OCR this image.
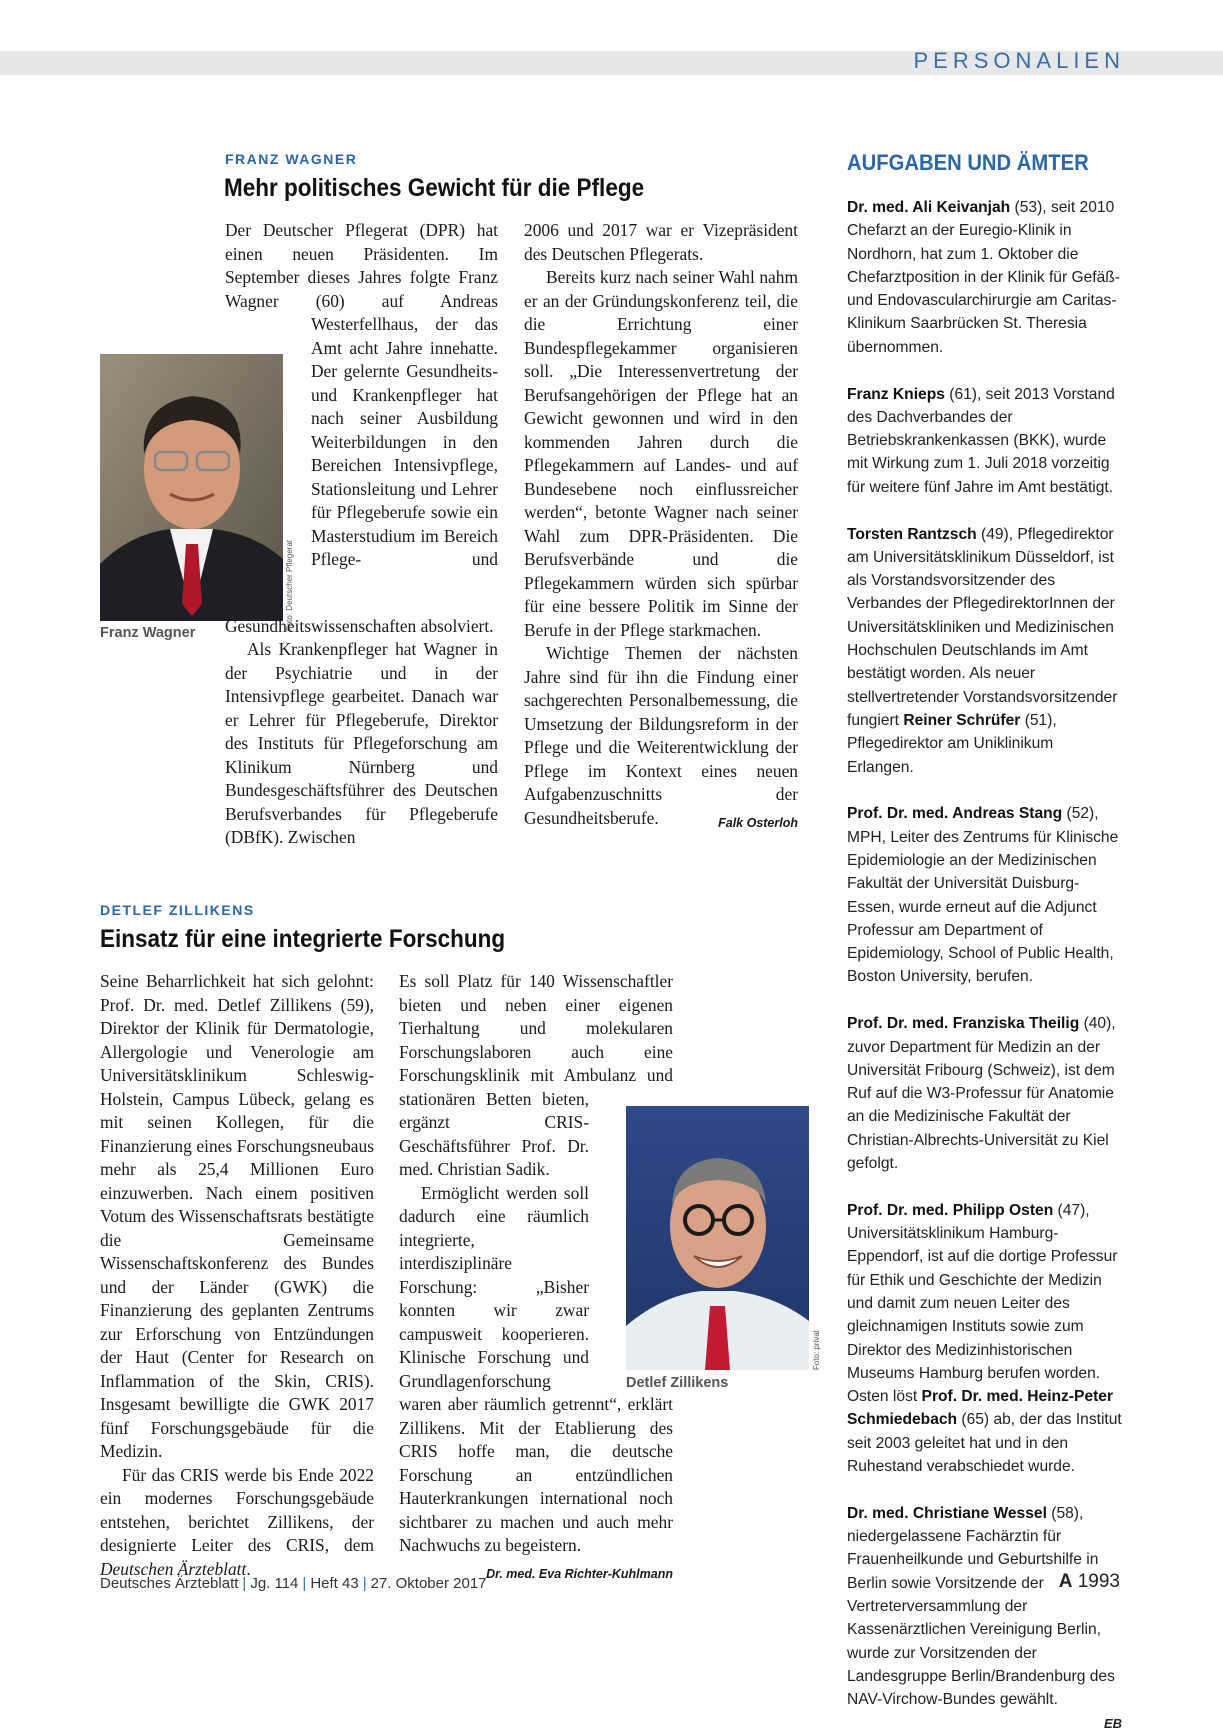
PERSONALIEN
FRANZ WAGNER
Mehr politisches Gewicht für die Pflege
Foto: Deutscher Pflegerat
Franz Wagner

Der Deutscher Pflegerat (DPR) hat einen neuen Präsidenten. Im September dieses Jahres folgte Franz Wagner (60) auf Andreas Westerfellhaus, der das Amt acht Jahre innehatte. Der gelernte Gesundheits- und Krankenpfleger hat nach seiner Ausbildung Weiterbildungen in den Bereichen Intensivpflege, Stationsleitung und Lehrer für Pflegeberufe sowie ein Masterstudium im Bereich Pflege- und Gesundheitswissenschaften absolviert.

Als Krankenpfleger hat Wagner in der Psychiatrie und in der Intensivpflege gearbeitet. Danach war er Lehrer für Pflegeberufe, Direktor des Instituts für Pflegeforschung am Klinikum Nürnberg und Bundesgeschäftsführer des Deutschen Berufsverbandes für Pflegeberufe (DBfK). Zwischen

2006 und 2017 war er Vizepräsident des Deutschen Pflegerats.

Bereits kurz nach seiner Wahl nahm er an der Gründungskonferenz teil, die die Errichtung einer Bundespflegekammer organisieren soll. „Die Interessenvertretung der Berufsangehörigen der Pflege hat an Gewicht gewonnen und wird in den kommenden Jahren durch die Pflegekammern auf Landes- und auf Bundesebene noch einflussreicher werden“, betonte Wagner nach seiner Wahl zum DPR-Präsidenten. Die Berufsverbände und die Pflegekammern würden sich spürbar für eine bessere Politik im Sinne der Berufe in der Pflege starkmachen.

Wichtige Themen der nächsten Jahre sind für ihn die Findung einer sachgerechten Personalbemessung, die Umsetzung der Bildungsreform in der Pflege und die Weiterentwicklung der Pflege im Kontext eines neuen Aufgabenzuschnitts der Gesundheitsberufe.	Falk Osterloh

DETLEF ZILLIKENS
Einsatz für eine integrierte Forschung

Seine Beharrlichkeit hat sich gelohnt: Prof. Dr. med. Detlef Zillikens (59), Direktor der Klinik für Dermatologie, Allergologie und Venerologie am Universitätsklinikum Schleswig-Holstein, Campus Lübeck, gelang es mit seinen Kollegen, für die Finanzierung eines Forschungsneubaus mehr als 25,4 Millionen Euro einzuwerben. Nach einem positiven Votum des Wissenschaftsrats bestätigte die Gemeinsame Wissenschaftskonferenz des Bundes und der Länder (GWK) die Finanzierung des geplanten Zentrums zur Erforschung von Entzündungen der Haut (Center for Research on Inflammation of the Skin, CRIS). Insgesamt bewilligte die GWK 2017 fünf Forschungsgebäude für die Medizin.

Für das CRIS werde bis Ende 2022 ein modernes Forschungsgebäude entstehen, berichtet Zillikens, der designierte Leiter des CRIS, dem Deutschen Ärzteblatt.

Foto: privat

Es soll Platz für 140 Wissenschaftler bieten und neben einer eigenen Tierhaltung und molekularen Forschungslaboren auch eine Forschungsklinik mit Ambulanz und stationären Betten bieten, ergänzt CRIS-Geschäftsführer Prof. Dr. med. Christian Sadik.

Ermöglicht werden soll dadurch eine räumlich integrierte, interdisziplinäre Forschung: „Bisher konnten wir zwar campusweit kooperieren. Klinische Forschung und Grundlagenforschung waren aber räumlich getrennt“, erklärt Zillikens. Mit der Etablierung des CRIS hoffe man, die deutsche Forschung an entzündlichen Hauterkrankungen international noch sichtbarer zu machen und auch mehr Nachwuchs zu begeistern.
Dr. med. Eva Richter-Kuhlmann

Detlef Zillikens
AUFGABEN UND ÄMTER

Dr. med. Ali Keivanjah (53), seit 2010 Chefarzt an der Euregio-Klinik in Nordhorn, hat zum 1. Oktober die Chefarztposition in der Klinik für Gefäß- und Endovascularchirurgie am Caritas-Klinikum Saarbrücken St. Theresia übernommen.

Franz Knieps (61), seit 2013 Vorstand des Dachverbandes der Betriebskrankenkassen (BKK), wurde mit Wirkung zum 1. Juli 2018 vorzeitig für weitere fünf Jahre im Amt bestätigt.

Torsten Rantzsch (49), Pflegedirektor am Universitätsklinikum Düsseldorf, ist als Vorstandsvorsitzender des Verbandes der PflegedirektorInnen der Universitätskliniken und Medizinischen Hochschulen Deutschlands im Amt bestätigt worden. Als neuer stellvertretender Vorstandsvorsitzender fungiert Reiner Schrüfer (51), Pflegedirektor am Uniklinikum Erlangen.

Prof. Dr. med. Andreas Stang (52), MPH, Leiter des Zentrums für Klinische Epidemiologie an der Medizinischen Fakultät der Universität Duisburg-Essen, wurde erneut auf die Adjunct Professur am Department of Epidemiology, School of Public Health, Boston University, berufen.

Prof. Dr. med. Franziska Theilig (40), zuvor Department für Medizin an der Universität Fribourg (Schweiz), ist dem Ruf auf die W3-Professur für Anatomie an die Medizinische Fakultät der Christian-Albrechts-Universität zu Kiel gefolgt.

Prof. Dr. med. Philipp Osten (47), Universitätsklinikum Hamburg-Eppendorf, ist auf die dortige Professur für Ethik und Geschichte der Medizin und damit zum neuen Leiter des gleichnamigen Instituts sowie zum Direktor des Medizinhistorischen Museums Hamburg berufen worden. Osten löst Prof. Dr. med. Heinz-Peter Schmiedebach (65) ab, der das Institut seit 2003 geleitet hat und in den Ruhestand verabschiedet wurde.

Dr. med. Christiane Wessel (58), niedergelassene Fachärztin für Frauenheilkunde und Geburtshilfe in Berlin sowie Vorsitzende der Vertreterversammlung der Kassenärztlichen Vereinigung Berlin, wurde zur Vorsitzenden der Landesgruppe Berlin/Brandenburg des NAV-Virchow-Bundes gewählt.

EB

Deutsches Ärzteblatt | Jg. 114 | Heft 43 | 27. Oktober 2017	A 1993
